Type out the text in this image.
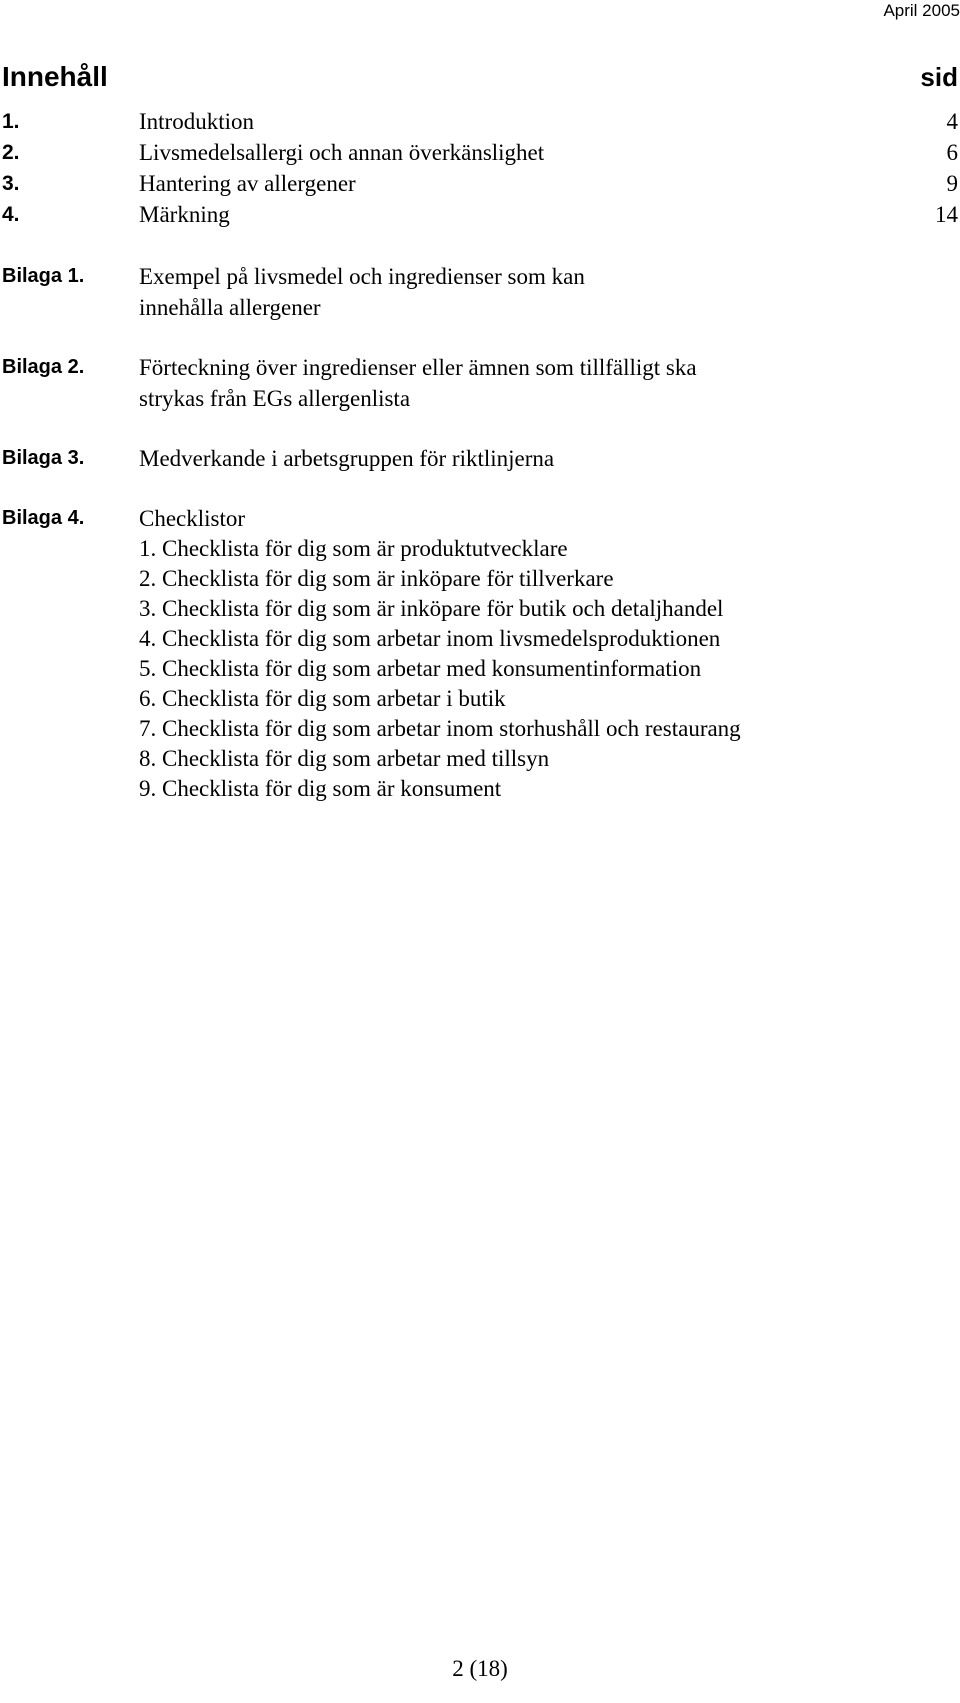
April 2005
Innehåll	sid
1.	Introduktion	4
2.	Livsmedelsallergi och annan överkänslighet	6
3.	Hantering av allergener	9
4.	Märkning	14
Bilaga 1. Exempel på livsmedel och ingredienser som kan
innehålla allergener
Bilaga 2. Förteckning över ingredienser eller ämnen som tillfälligt ska
strykas från EGs allergenlista
Bilaga 3. Medverkande i arbetsgruppen för riktlinjerna
Bilaga 4. Checklistor
1. Checklista för dig som är produktutvecklare
2. Checklista för dig som är inköpare för tillverkare
3. Checklista för dig som är inköpare för butik och detaljhandel
4. Checklista för dig som arbetar inom livsmedelsproduktionen
5. Checklista för dig som arbetar med konsumentinformation
6. Checklista för dig som arbetar i butik
7. Checklista för dig som arbetar inom storhushåll och restaurang
8. Checklista för dig som arbetar med tillsyn
9. Checklista för dig som är konsument
2 (18)
